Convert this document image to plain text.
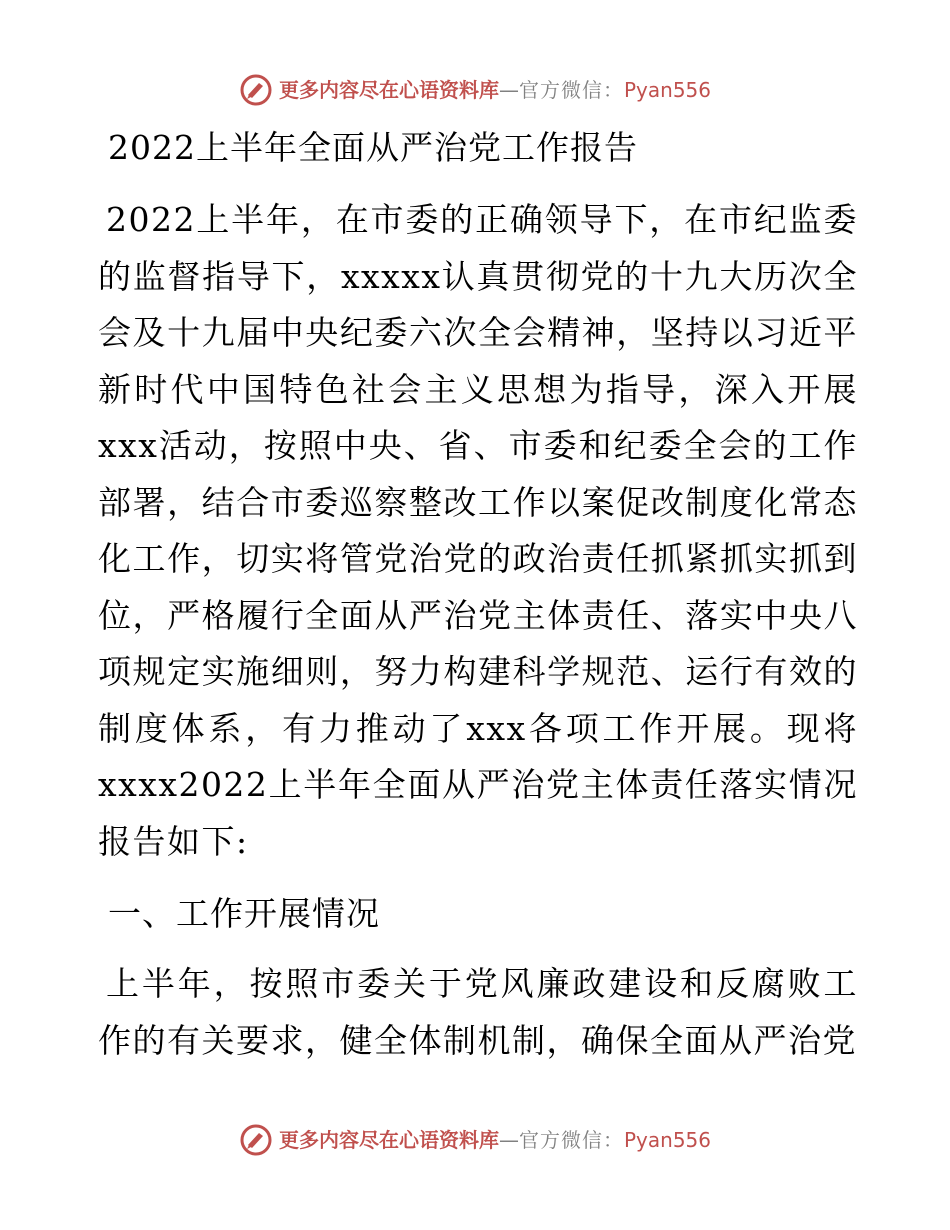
更多内容尽在心语资料库—官方微信：Pyan556
2022上半年全面从严治党工作报告

2022上半年，在市委的正确领导下，在市纪监委的监督指导下，xxxxx认真贯彻党的十九大历次全会及十九届中央纪委六次全会精神，坚持以习近平新时代中国特色社会主义思想为指导，深入开展xxx活动，按照中央、省、市委和纪委全会的工作部署，结合市委巡察整改工作以案促改制度化常态化工作，切实将管党治党的政治责任抓紧抓实抓到位，严格履行全面从严治党主体责任、落实中央八项规定实施细则，努力构建科学规范、运行有效的制度体系，有力推动了xxx各项工作开展。现将xxxx2022上半年全面从严治党主体责任落实情况报告如下:

一、工作开展情况

上半年，按照市委关于党风廉政建设和反腐败工作的有关要求，健全体制机制，确保全面从严治党

更多内容尽在心语资料库—官方微信：Pyan556
